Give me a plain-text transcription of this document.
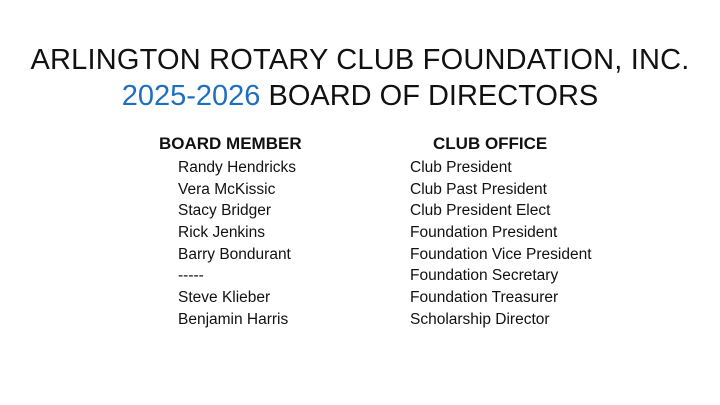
ARLINGTON ROTARY CLUB FOUNDATION, INC.
2025-2026 BOARD OF DIRECTORS
BOARD MEMBER	CLUB OFFICE
Randy Hendricks
Vera McKissic
Stacy Bridger
Rick Jenkins
Barry Bondurant
-----
Steve Klieber
Benjamin Harris
Club President
Club Past President
Club President Elect
Foundation President
Foundation Vice President
Foundation Secretary
Foundation Treasurer
Scholarship Director
